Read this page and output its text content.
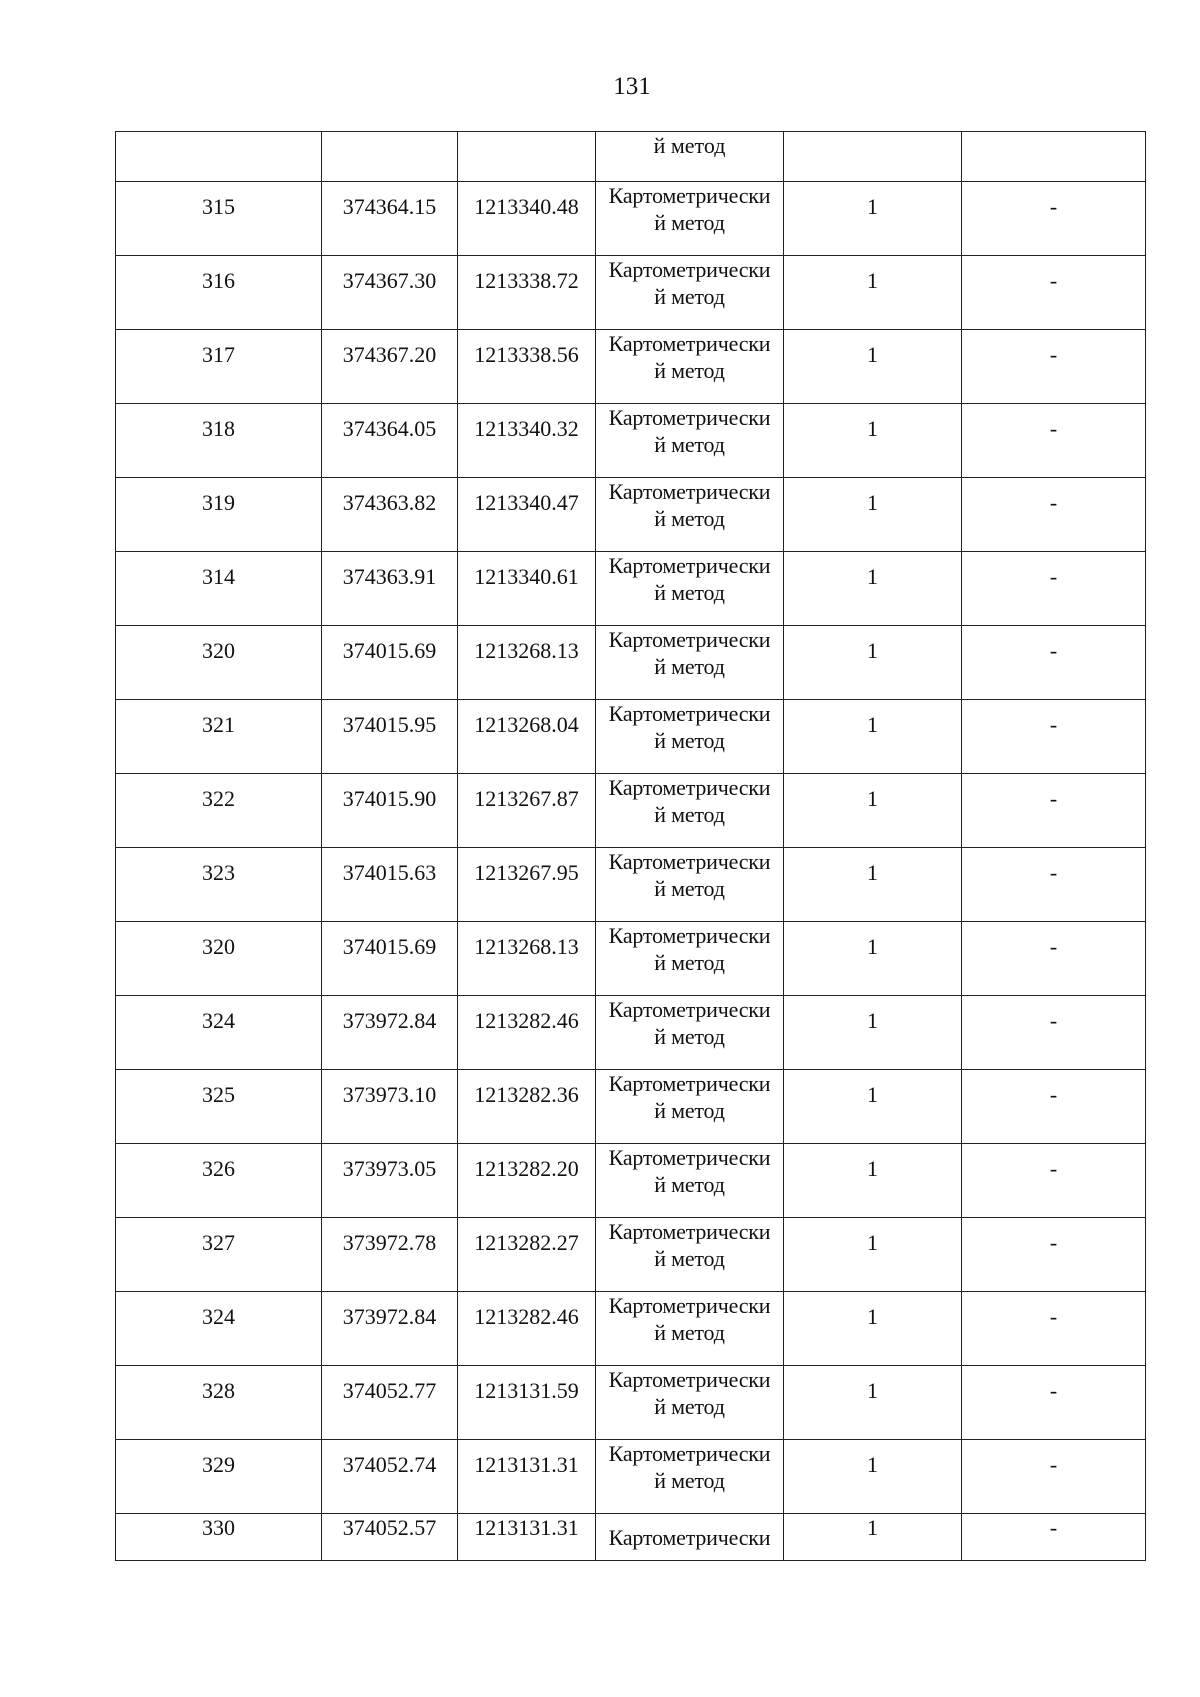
131

			й метод		

315	374364.15	1213340.48	Картометрически
й метод	1	-

316	374367.30	1213338.72	Картометрически
й метод	1	-

317	374367.20	1213338.56	Картометрически
й метод	1	-

318	374364.05	1213340.32	Картометрически
й метод	1	-

319	374363.82	1213340.47	Картометрически
й метод	1	-

314	374363.91	1213340.61	Картометрически
й метод	1	-

320	374015.69	1213268.13	Картометрически
й метод	1	-

321	374015.95	1213268.04	Картометрически
й метод	1	-

322	374015.90	1213267.87	Картометрически
й метод	1	-

323	374015.63	1213267.95	Картометрически
й метод	1	-

320	374015.69	1213268.13	Картометрически
й метод	1	-

324	373972.84	1213282.46	Картометрически
й метод	1	-

325	373973.10	1213282.36	Картометрически
й метод	1	-

326	373973.05	1213282.20	Картометрически
й метод	1	-

327	373972.78	1213282.27	Картометрически
й метод	1	-

324	373972.84	1213282.46	Картометрически
й метод	1	-

328	374052.77	1213131.59	Картометрически
й метод	1	-

329	374052.74	1213131.31	Картометрически
й метод	1	-

330	374052.57	1213131.31	Картометрически	1	-
